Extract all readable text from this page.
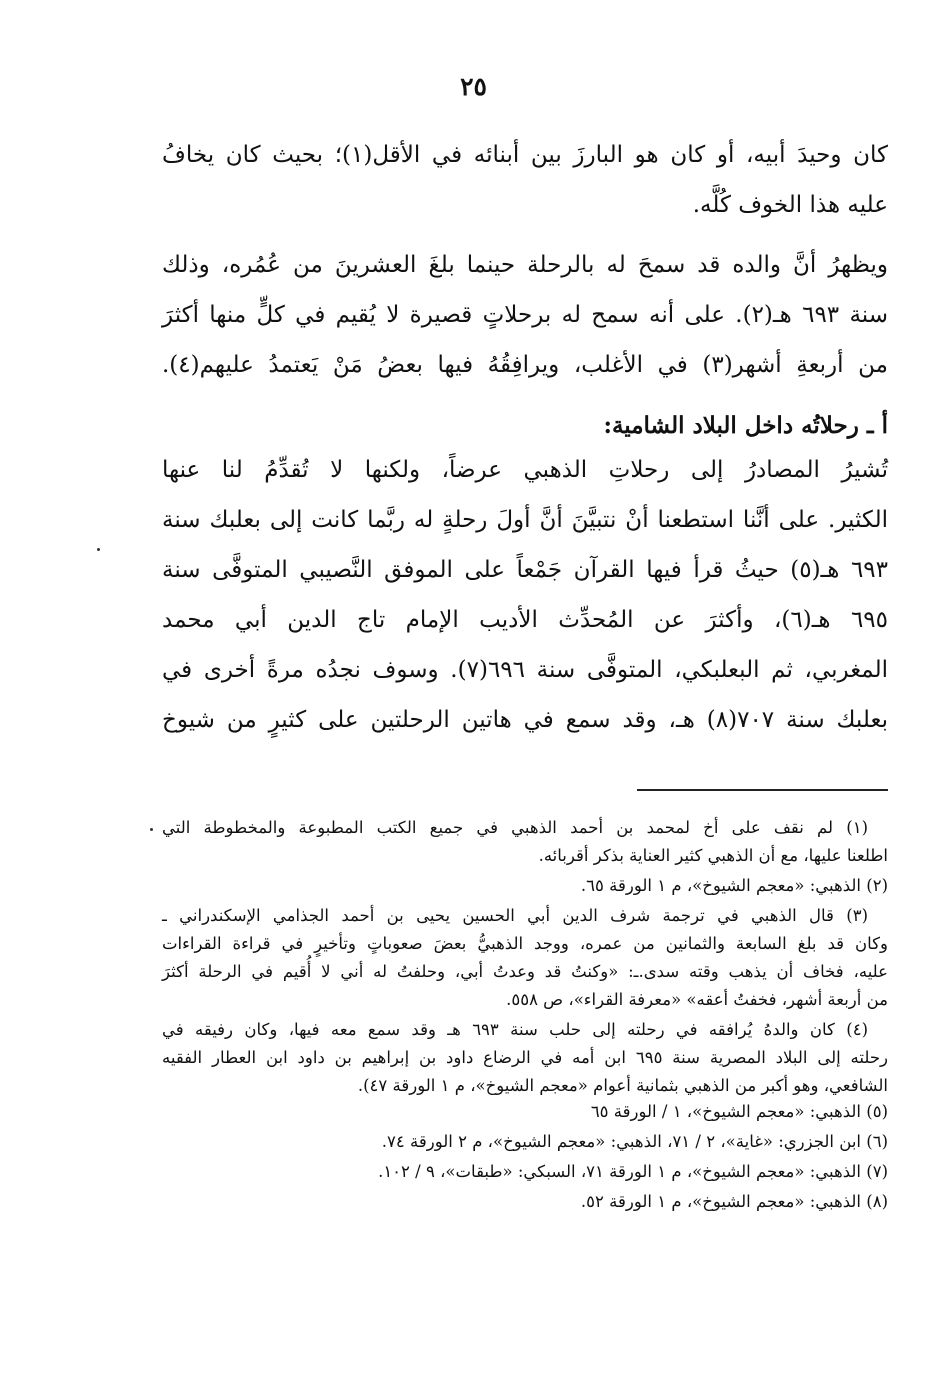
٢٥
كان وحيدَ أبيه، أو كان هو البارزَ بين أبنائه في الأقل(١)؛ بحيث كان يخافُ
عليه هذا الخوف كُلَّه.
ويظهرُ أنَّ والده قد سمحَ له بالرحلة حينما بلغَ العشرينَ من عُمُره، وذلك
سنة ٦٩٣ هـ(٢). على أنه سمح له برحلاتٍ قصيرة لا يُقيم في كلٍّ منها أكثرَ
من أربعةِ أشهر(٣) في الأغلب، ويرافِقُهُ فيها بعضُ مَنْ يَعتمدُ عليهم(٤).
أ ـ رحلاتُه داخل البلاد الشامية:
تُشيرُ المصادرُ إلى رحلاتِ الذهبي عرضاً، ولكنها لا تُقدِّمُ لنا عنها
الكثير. على أنَّنا استطعنا أنْ نتبيَّنَ أنَّ أولَ رحلةٍ له ربَّما كانت إلى بعلبك سنة
٦٩٣ هـ(٥) حيثُ قرأ فيها القرآن جَمْعاً على الموفق النَّصيبي المتوفَّى سنة
٦٩٥ هـ(٦)، وأكثرَ عن المُحدِّث الأديب الإمام تاج الدين أبي محمد
المغربي، ثم البعلبكي، المتوفَّى سنة ٦٩٦(٧). وسوف نجدُه مرةً أخرى في
بعلبك سنة ٧٠٧(٨) هـ، وقد سمع في هاتين الرحلتين على كثيرٍ من شيوخ
(١) لم نقف على أخ لمحمد بن أحمد الذهبي في جميع الكتب المطبوعة والمخطوطة التي
اطلعنا عليها، مع أن الذهبي كثير العناية بذكر أقربائه.
(٢) الذهبي: «معجم الشيوخ»، م ١ الورقة ٦٥.
(٣) قال الذهبي في ترجمة شرف الدين أبي الحسين يحيى بن أحمد الجذامي الإسكندراني ـ
وكان قد بلغ السابعة والثمانين من عمره، ووجد الذهبيُّ بعضَ صعوباتٍ وتأخيرٍ في قراءة القراءات
عليه، فخاف أن يذهب وقته سدى.ـ: «وكنتُ قد وعدتُ أبي، وحلفتُ له أني لا أُقيم في الرحلة أكثرَ
من أربعة أشهر، فخفتُ أعقه» «معرفة القراء»، ص ٥٥٨.
(٤) كان والدهُ يُرافقه في رحلته إلى حلب سنة ٦٩٣ هـ وقد سمع معه فيها، وكان رفيقه في
رحلته إلى البلاد المصرية سنة ٦٩٥ ابن أمه في الرضاع داود بن إبراهيم بن داود ابن العطار الفقيه
الشافعي، وهو أكبر من الذهبي بثمانية أعوام «معجم الشيوخ»، م ١ الورقة ٤٧).
(٥) الذهبي: «معجم الشيوخ»، ١ / الورقة ٦٥
(٦) ابن الجزري: «غاية»، ٢ / ٧١، الذهبي: «معجم الشيوخ»، م ٢ الورقة ٧٤.
(٧) الذهبي: «معجم الشيوخ»، م ١ الورقة ٧١، السبكي: «طبقات»، ٩ / ١٠٢.
(٨) الذهبي: «معجم الشيوخ»، م ١ الورقة ٥٢.
